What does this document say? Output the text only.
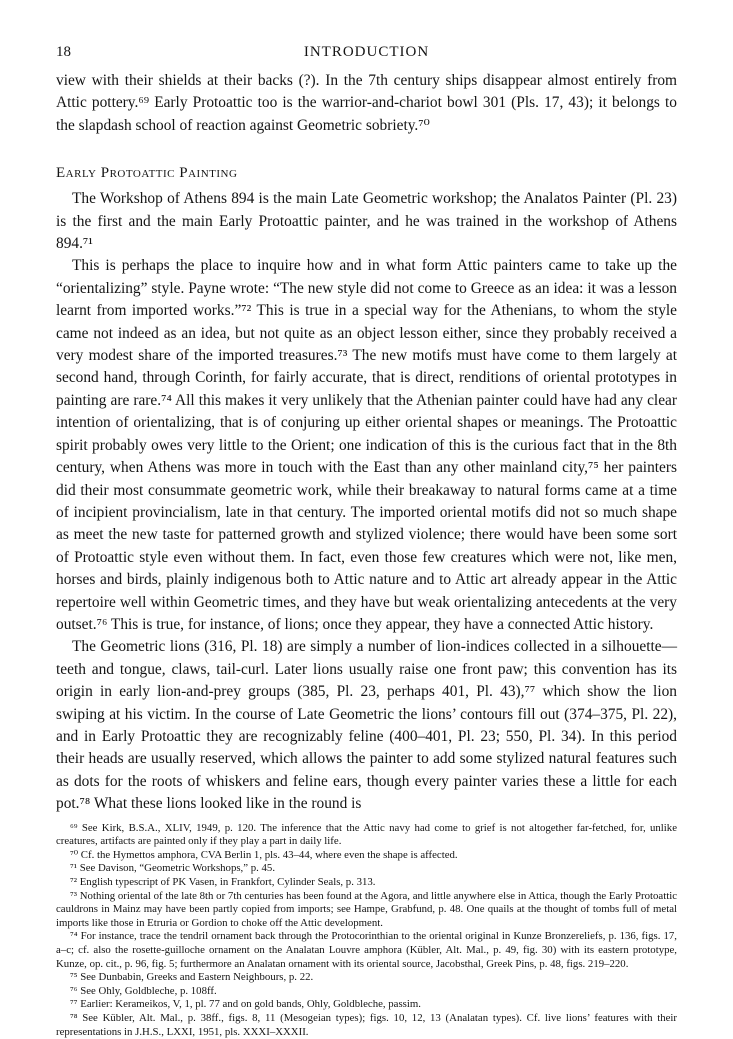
18	INTRODUCTION

view with their shields at their backs (?). In the 7th century ships disappear almost entirely from Attic pottery.⁶⁹ Early Protoattic too is the warrior-and-chariot bowl 301 (Pls. 17, 43); it belongs to the slapdash school of reaction against Geometric sobriety.⁷⁰

Early Protoattic Painting

The Workshop of Athens 894 is the main Late Geometric workshop; the Analatos Painter (Pl. 23) is the first and the main Early Protoattic painter, and he was trained in the workshop of Athens 894.⁷¹

This is perhaps the place to inquire how and in what form Attic painters came to take up the “orientalizing” style. Payne wrote: “The new style did not come to Greece as an idea: it was a lesson learnt from imported works.”⁷² This is true in a special way for the Athenians, to whom the style came not indeed as an idea, but not quite as an object lesson either, since they probably received a very modest share of the imported treasures.⁷³ The new motifs must have come to them largely at second hand, through Corinth, for fairly accurate, that is direct, renditions of oriental prototypes in painting are rare.⁷⁴ All this makes it very unlikely that the Athenian painter could have had any clear intention of orientalizing, that is of conjuring up either oriental shapes or meanings. The Protoattic spirit probably owes very little to the Orient; one indication of this is the curious fact that in the 8th century, when Athens was more in touch with the East than any other mainland city,⁷⁵ her painters did their most consummate geometric work, while their breakaway to natural forms came at a time of incipient provincialism, late in that century. The imported oriental motifs did not so much shape as meet the new taste for patterned growth and stylized violence; there would have been some sort of Protoattic style even without them. In fact, even those few creatures which were not, like men, horses and birds, plainly indigenous both to Attic nature and to Attic art already appear in the Attic repertoire well within Geometric times, and they have but weak orientalizing antecedents at the very outset.⁷⁶ This is true, for instance, of lions; once they appear, they have a connected Attic history.

The Geometric lions (316, Pl. 18) are simply a number of lion-indices collected in a silhouette—teeth and tongue, claws, tail-curl. Later lions usually raise one front paw; this convention has its origin in early lion-and-prey groups (385, Pl. 23, perhaps 401, Pl. 43),⁷⁷ which show the lion swiping at his victim. In the course of Late Geometric the lions’ contours fill out (374–375, Pl. 22), and in Early Protoattic they are recognizably feline (400–401, Pl. 23; 550, Pl. 34). In this period their heads are usually reserved, which allows the painter to add some stylized natural features such as dots for the roots of whiskers and feline ears, though every painter varies these a little for each pot.⁷⁸ What these lions looked like in the round is

⁶⁹ See Kirk, B.S.A., XLIV, 1949, p. 120. The inference that the Attic navy had come to grief is not altogether far-fetched, for, unlike creatures, artifacts are painted only if they play a part in daily life.

⁷⁰ Cf. the Hymettos amphora, CVA Berlin 1, pls. 43–44, where even the shape is affected.

⁷¹ See Davison, “Geometric Workshops,” p. 45.

⁷² English typescript of PK Vasen, in Frankfort, Cylinder Seals, p. 313.

⁷³ Nothing oriental of the late 8th or 7th centuries has been found at the Agora, and little anywhere else in Attica, though the Early Protoattic cauldrons in Mainz may have been partly copied from imports; see Hampe, Grabfund, p. 48. One quails at the thought of tombs full of metal imports like those in Etruria or Gordion to choke off the Attic development.

⁷⁴ For instance, trace the tendril ornament back through the Protocorinthian to the oriental original in Kunze Bronzereliefs, p. 136, figs. 17, a–c; cf. also the rosette-guilloche ornament on the Analatan Louvre amphora (Kübler, Alt. Mal., p. 49, fig. 30) with its eastern prototype, Kunze, op. cit., p. 96, fig. 5; furthermore an Analatan ornament with its oriental source, Jacobsthal, Greek Pins, p. 48, figs. 219–220.

⁷⁵ See Dunbabin, Greeks and Eastern Neighbours, p. 22.

⁷⁶ See Ohly, Goldbleche, p. 108ff.

⁷⁷ Earlier: Kerameikos, V, 1, pl. 77 and on gold bands, Ohly, Goldbleche, passim.

⁷⁸ See Kübler, Alt. Mal., p. 38ff., figs. 8, 11 (Mesogeian types); figs. 10, 12, 13 (Analatan types). Cf. live lions’ features with their representations in J.H.S., LXXI, 1951, pls. XXXI–XXXII.
